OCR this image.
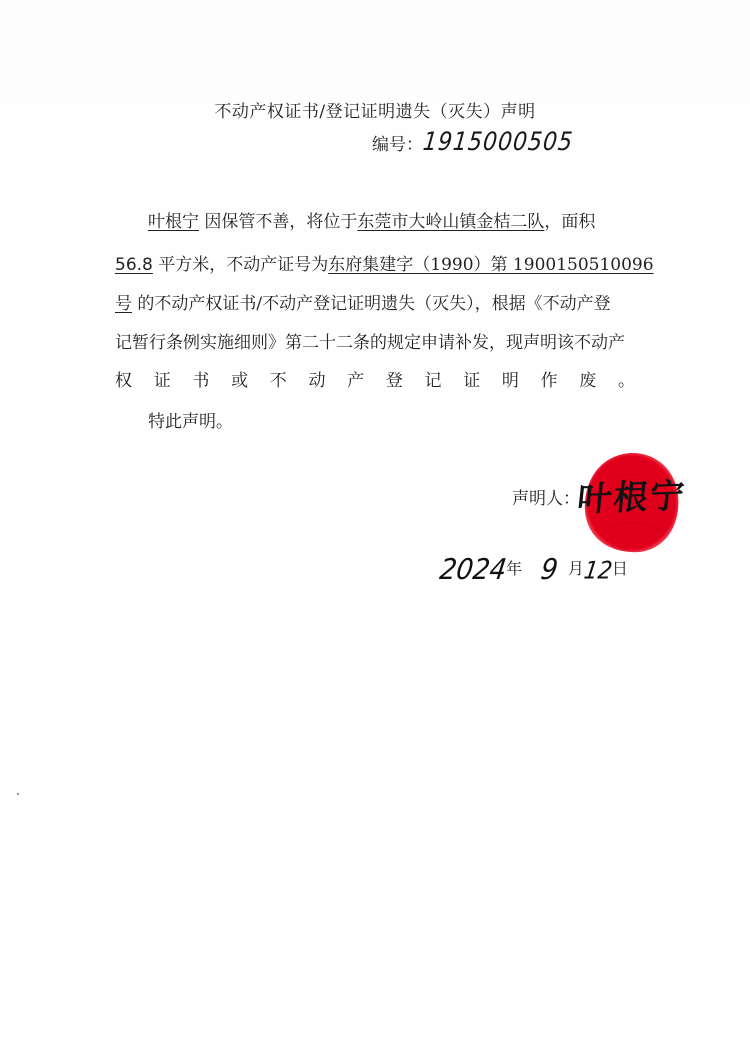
不动产权证书/登记证明遗失（灭失）声明
编号：1915000505
叶根宁 因保管不善，将位于东莞市大岭山镇金桔二队，面积
56.8 平方米，不动产证号为东府集建字（1990）第 1900150510096
号 的不动产权证书/不动产登记证明遗失（灭失），根据《不动产登
记暂行条例实施细则》第二十二条的规定申请补发，现声明该不动产
权 证 书 或 不 动 产 登 记 证 明 作 废 。
特此声明。
声明人：
叶根宁
2024年 9 月12日
